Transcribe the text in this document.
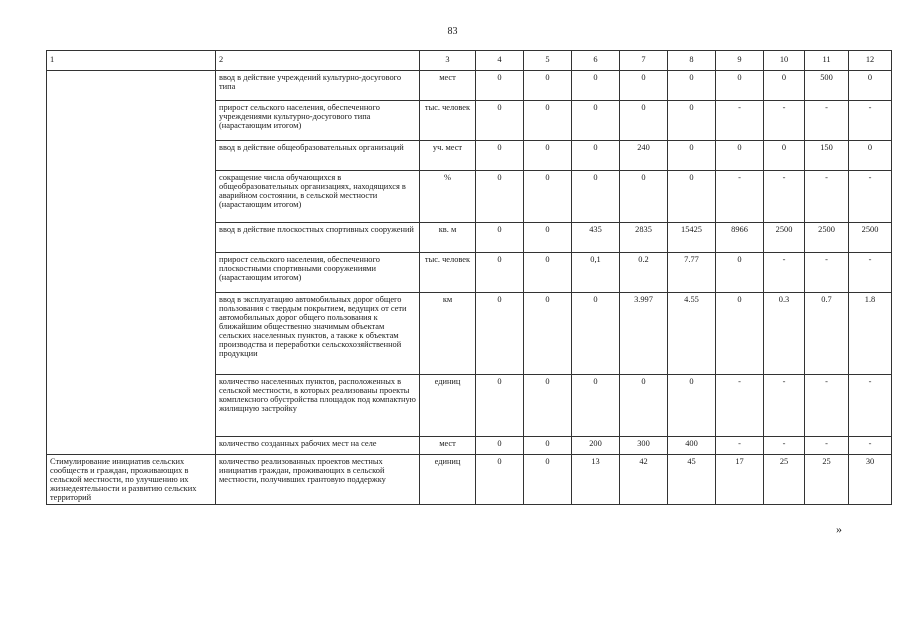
83
1	2	3	4	5	6	7	8	9	10	11	12
	ввод в действие учреждений культурно-досугового типа	мест	0	0	0	0	0	0	0	500	0
	прирост сельского населения, обеспеченного учреждениями культурно-досугового типа (нарастающим итогом)	тыс. человек	0	0	0	0	0	-	-	-	-
	ввод в действие общеобразовательных организаций	уч. мест	0	0	0	240	0	0	0	150	0
	сокращение числа обучающихся в общеобразовательных организациях, находящихся в аварийном состоянии, в сельской местности (нарастающим итогом)	%	0	0	0	0	0	-	-	-	-
	ввод в действие плоскостных спортивных сооружений	кв. м	0	0	435	2835	15425	8966	2500	2500	2500
	прирост сельского населения, обеспеченного плоскостными спортивными сооружениями (нарастающим итогом)	тыс. человек	0	0	0,1	0.2	7.77	0	-	-	-
	ввод в эксплуатацию автомобильных дорог общего пользования с твердым покрытием, ведущих от сети автомобильных дорог общего пользования к ближайшим общественно значимым объектам сельских населенных пунктов, а также к объектам производства и переработки сельскохозяйственной продукции	км	0	0	0	3.997	4.55	0	0.3	0.7	1.8
	количество населенных пунктов, расположенных в сельской местности, в которых реализованы проекты комплексного обустройства площадок под компактную жилищную застройку	единиц	0	0	0	0	0	-	-	-	-
	количество созданных рабочих мест на селе	мест	0	0	200	300	400	-	-	-	-
Стимулирование инициатив сельских сообществ и граждан, проживающих в сельской местности, по улучшению их жизнедеятельности и развитию сельских территорий	количество реализованных проектов местных инициатив граждан, проживающих в сельской местности, получивших грантовую поддержку	единиц	0	0	13	42	45	17	25	25	30
»
